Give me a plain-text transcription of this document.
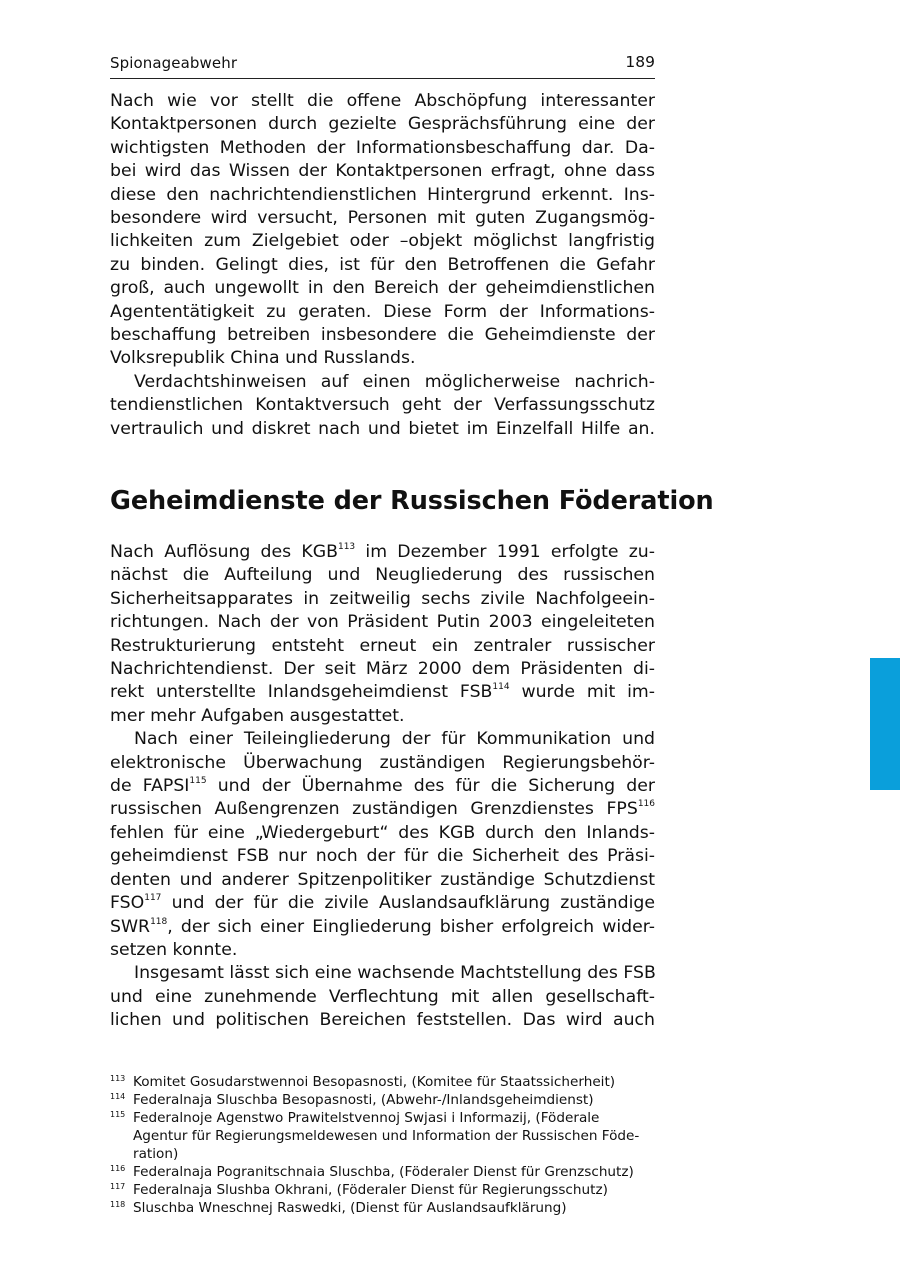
Spionageabwehr	189
Nach wie vor stellt die offene Abschöpfung interessanter
Kontaktpersonen durch gezielte Gesprächsführung eine der
wichtigsten Methoden der Informationsbeschaffung dar. Da-
bei wird das Wissen der Kontaktpersonen erfragt, ohne dass
diese den nachrichtendienstlichen Hintergrund erkennt. Ins-
besondere wird versucht, Personen mit guten Zugangsmög-
lichkeiten zum Zielgebiet oder –objekt möglichst langfristig
zu binden. Gelingt dies, ist für den Betroffenen die Gefahr
groß, auch ungewollt in den Bereich der geheimdienstlichen
Agententätigkeit zu geraten. Diese Form der Informations-
beschaffung betreiben insbesondere die Geheimdienste der
Volksrepublik China und Russlands.
Verdachtshinweisen auf einen möglicherweise nachrich-
tendienstlichen Kontaktversuch geht der Verfassungsschutz
vertraulich und diskret nach und bietet im Einzelfall Hilfe an.
Geheimdienste der Russischen Föderation
Nach Auflösung des KGB$^{113}$ im Dezember 1991 erfolgte zu-
nächst die Aufteilung und Neugliederung des russischen
Sicherheitsapparates in zeitweilig sechs zivile Nachfolgeein-
richtungen. Nach der von Präsident Putin 2003 eingeleiteten
Restrukturierung entsteht erneut ein zentraler russischer
Nachrichtendienst. Der seit März 2000 dem Präsidenten di-
rekt unterstellte Inlandsgeheimdienst FSB$^{114}$ wurde mit im-
mer mehr Aufgaben ausgestattet.
Nach einer Teileingliederung der für Kommunikation und
elektronische Überwachung zuständigen Regierungsbehör-
de FAPSI$^{115}$ und der Übernahme des für die Sicherung der
russischen Außengrenzen zuständigen Grenzdienstes FPS$^{116}$
fehlen für eine „Wiedergeburt“ des KGB durch den Inlands-
geheimdienst FSB nur noch der für die Sicherheit des Präsi-
denten und anderer Spitzenpolitiker zuständige Schutzdienst
FSO$^{117}$ und der für die zivile Auslandsaufklärung zuständige
SWR$^{118}$, der sich einer Eingliederung bisher erfolgreich wider-
setzen konnte.
Insgesamt lässt sich eine wachsende Machtstellung des FSB
und eine zunehmende Verflechtung mit allen gesellschaft-
lichen und politischen Bereichen feststellen. Das wird auch
113 Komitet Gosudarstwennoi Besopasnosti, (Komitee für Staatssicherheit)
114 Federalnaja Sluschba Besopasnosti, (Abwehr-/Inlandsgeheimdienst)
115 Federalnoje Agenstwo Prawitelstvennoj Swjasi i Informazij, (Föderale
Agentur für Regierungsmeldewesen und Information der Russischen Föde-
ration)
116 Federalnaja Pogranitschnaia Sluschba, (Föderaler Dienst für Grenzschutz)
117 Federalnaja Slushba Okhrani, (Föderaler Dienst für Regierungsschutz)
118 Sluschba Wneschnej Raswedki, (Dienst für Auslandsaufklärung)
